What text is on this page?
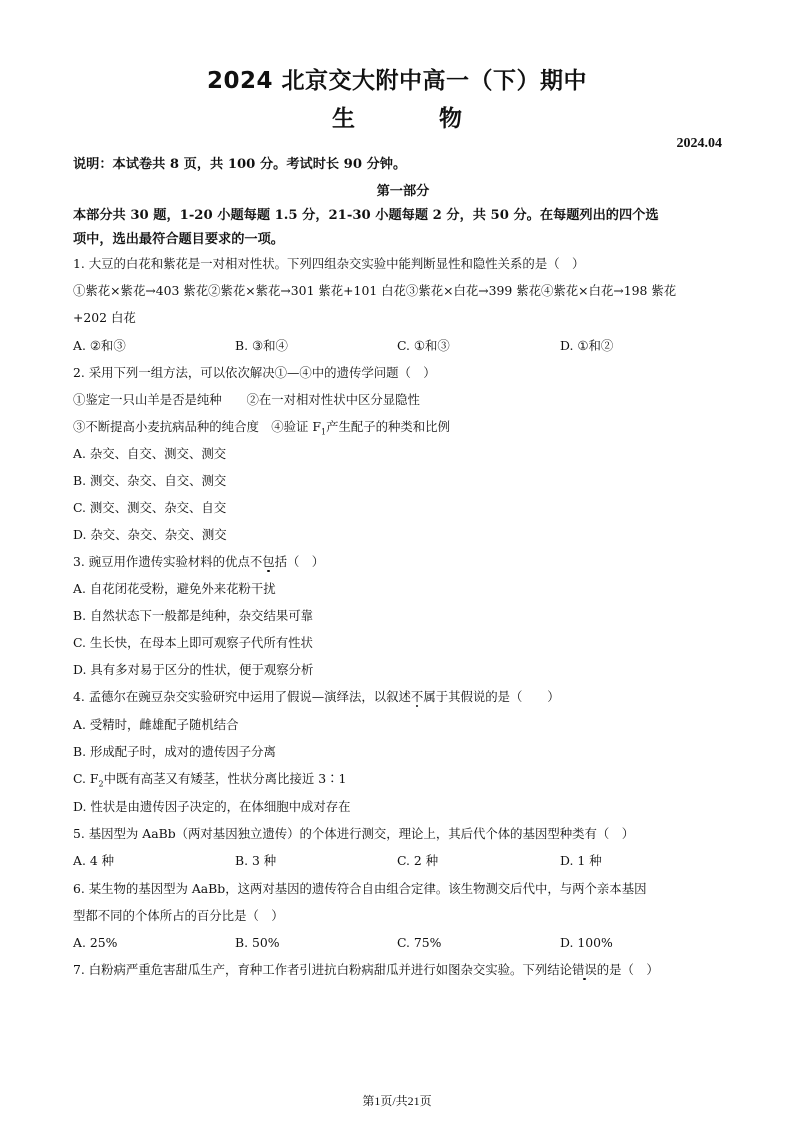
2024 北京交大附中高一（下）期中
生 物
2024.04
说明：本试卷共 8 页，共 100 分。考试时长 90 分钟。
第一部分
本部分共 30 题，1-20 小题每题 1.5 分，21-30 小题每题 2 分，共 50 分。在每题列出的四个选
项中，选出最符合题目要求的一项。
1. 大豆的白花和紫花是一对相对性状。下列四组杂交实验中能判断显性和隐性关系的是（　）
①紫花×紫花→403 紫花②紫花×紫花→301 紫花+101 白花③紫花×白花→399 紫花④紫花×白花→198 紫花
+202 白花
A. ②和③	B. ③和④	C. ①和③	D. ①和②
2. 采用下列一组方法，可以依次解决①—④中的遗传学问题（　）
①鉴定一只山羊是否是纯种　　②在一对相对性状中区分显隐性
③不断提高小麦抗病品种的纯合度　④验证 $F_1$产生配子的种类和比例
A. 杂交、自交、测交、测交
B. 测交、杂交、自交、测交
C. 测交、测交、杂交、自交
D. 杂交、杂交、杂交、测交
3. 豌豆用作遗传实验材料的优点不包括（　）
A. 自花闭花受粉，避免外来花粉干扰
B. 自然状态下一般都是纯种，杂交结果可靠
C. 生长快，在母本上即可观察子代所有性状
D. 具有多对易于区分的性状，便于观察分析
4. 孟德尔在豌豆杂交实验研究中运用了假说—演绎法，以叙述不属于其假说的是（　　）
A. 受精时，雌雄配子随机结合
B. 形成配子时，成对的遗传因子分离
C. $F_2$中既有高茎又有矮茎，性状分离比接近 3∶1
D. 性状是由遗传因子决定的，在体细胞中成对存在
5. 基因型为 AaBb（两对基因独立遗传）的个体进行测交，理论上，其后代个体的基因型种类有（　）
A. 4 种	B. 3 种	C. 2 种	D. 1 种
6. 某生物的基因型为 AaBb，这两对基因的遗传符合自由组合定律。该生物测交后代中，与两个亲本基因
型都不同的个体所占的百分比是（　）
A. 25%	B. 50%	C. 75%	D. 100%
7. 白粉病严重危害甜瓜生产，育种工作者引进抗白粉病甜瓜并进行如图杂交实验。下列结论错误的是（　）
第1页/共21页
